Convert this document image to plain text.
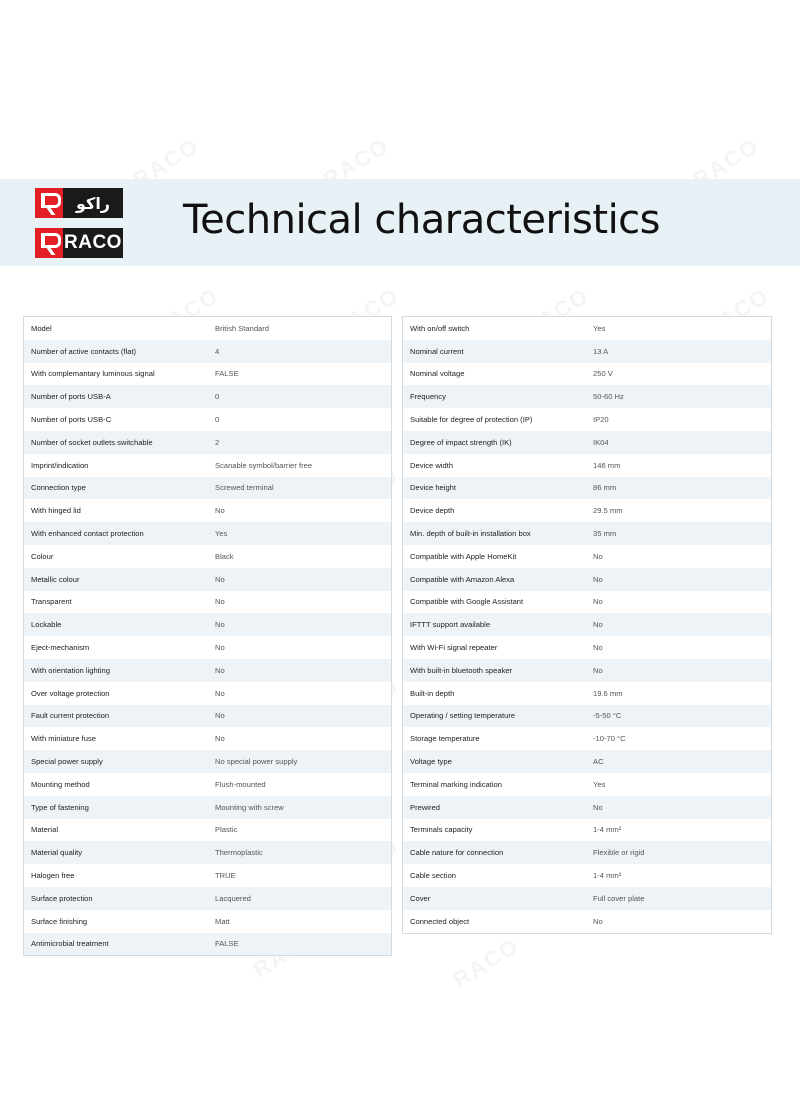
راكو
RACO Technical characteristics
Model	British Standard
Number of active contacts (flat)	4
With complemantary luminous signal	FALSE
Number of ports USB-A	0
Number of ports USB-C	0
Number of socket outlets switchable	2
Imprint/indication	Scanable symbol/barrier free
Connection type	Screwed terminal
With hinged lid	No
With enhanced contact protection	Yes
Colour	Black
Metallic colour	No
Transparent	No
Lockable	No
Eject-mechanism	No
With orientation lighting	No
Over voltage protection	No
Fault current protection	No
With miniature fuse	No
Special power supply	No special power supply
Mounting method	Flush-mounted
Type of fastening	Mounting with screw
Material	Plastic
Material quality	Thermoplastic
Halogen free	TRUE
Surface protection	Lacquered
Surface finishing	Matt
Antimicrobial treatment	FALSE
With on/off switch	Yes
Nominal current	13 A
Nominal voltage	250 V
Frequency	50-60 Hz
Suitable for degree of protection (IP)	IP20
Degree of impact strength (IK)	IK04
Device width	146 mm
Device height	86 mm
Device depth	29.5 mm
Min. depth of built-in installation box	35 mm
Compatible with Apple HomeKit	No
Compatible with Amazon Alexa	No
Compatible with Google Assistant	No
IFTTT support available	No
With Wi-Fi signal repeater	No
With built-in bluetooth speaker	No
Built-in depth	19.6 mm
Operating / setting temperature	-5-50 °C
Storage temperature	-10-70 °C
Voltage type	AC
Terminal marking indication	Yes
Prewired	No
Terminals capacity	1-4 mm²
Cable nature for connection	Flexible or rigid
Cable section	1-4 mm²
Cover	Full cover plate
Connected object	No
